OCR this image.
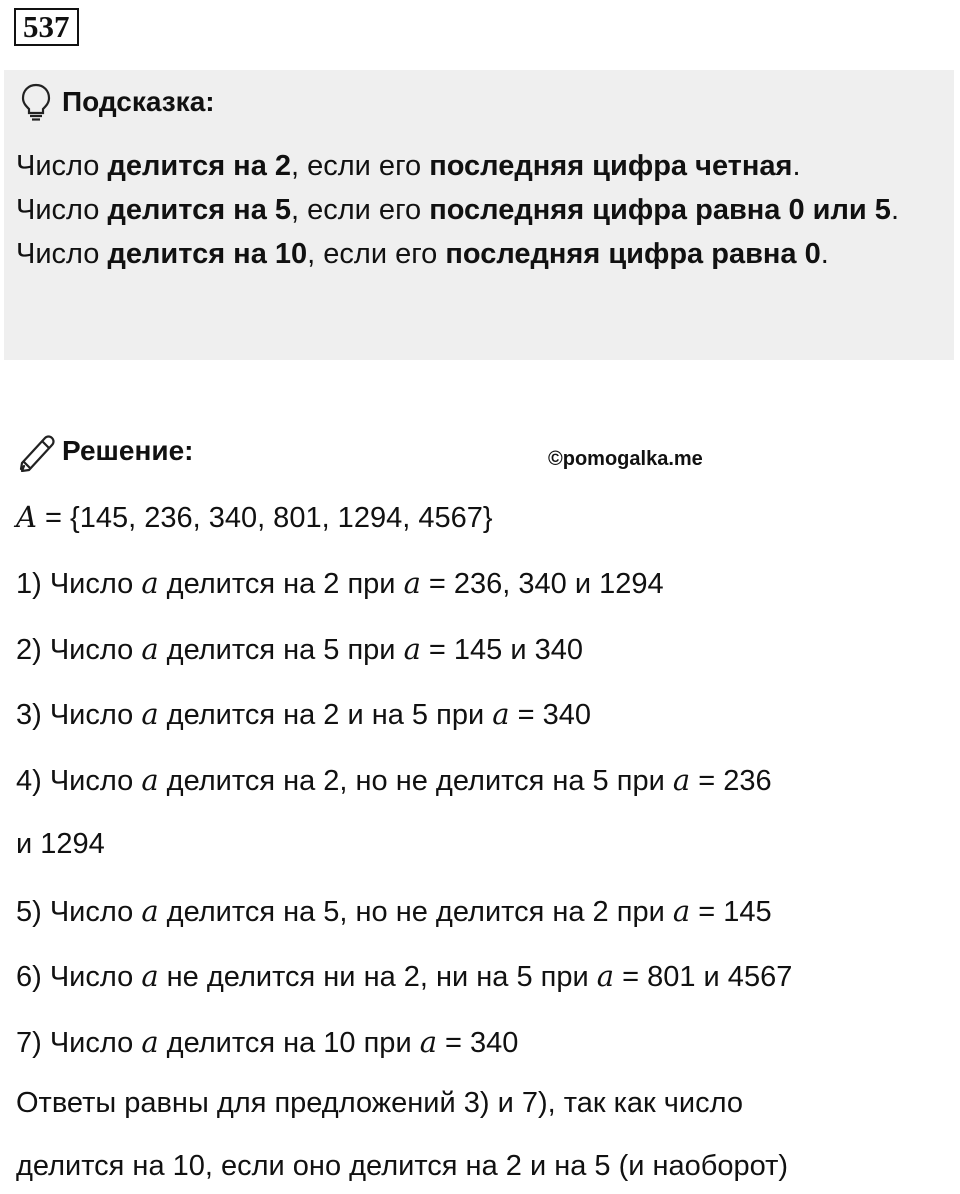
537
Подсказка:
Число делится на 2, если его последняя цифра четная.
Число делится на 5, если его последняя цифра равна 0 или 5.
Число делится на 10, если его последняя цифра равна 0.
Решение:	©pomogalka.me
A = {145, 236, 340, 801, 1294, 4567}
1) Число a делится на 2 при a = 236, 340 и 1294
2) Число a делится на 5 при a = 145 и 340
3) Число a делится на 2 и на 5 при a = 340
4) Число a делится на 2, но не делится на 5 при a = 236
и 1294
5) Число a делится на 5, но не делится на 2 при a = 145
6) Число a не делится ни на 2, ни на 5 при a = 801 и 4567
7) Число a делится на 10 при a = 340
Ответы равны для предложений 3) и 7), так как число
делится на 10, если оно делится на 2 и на 5 (и наоборот)
